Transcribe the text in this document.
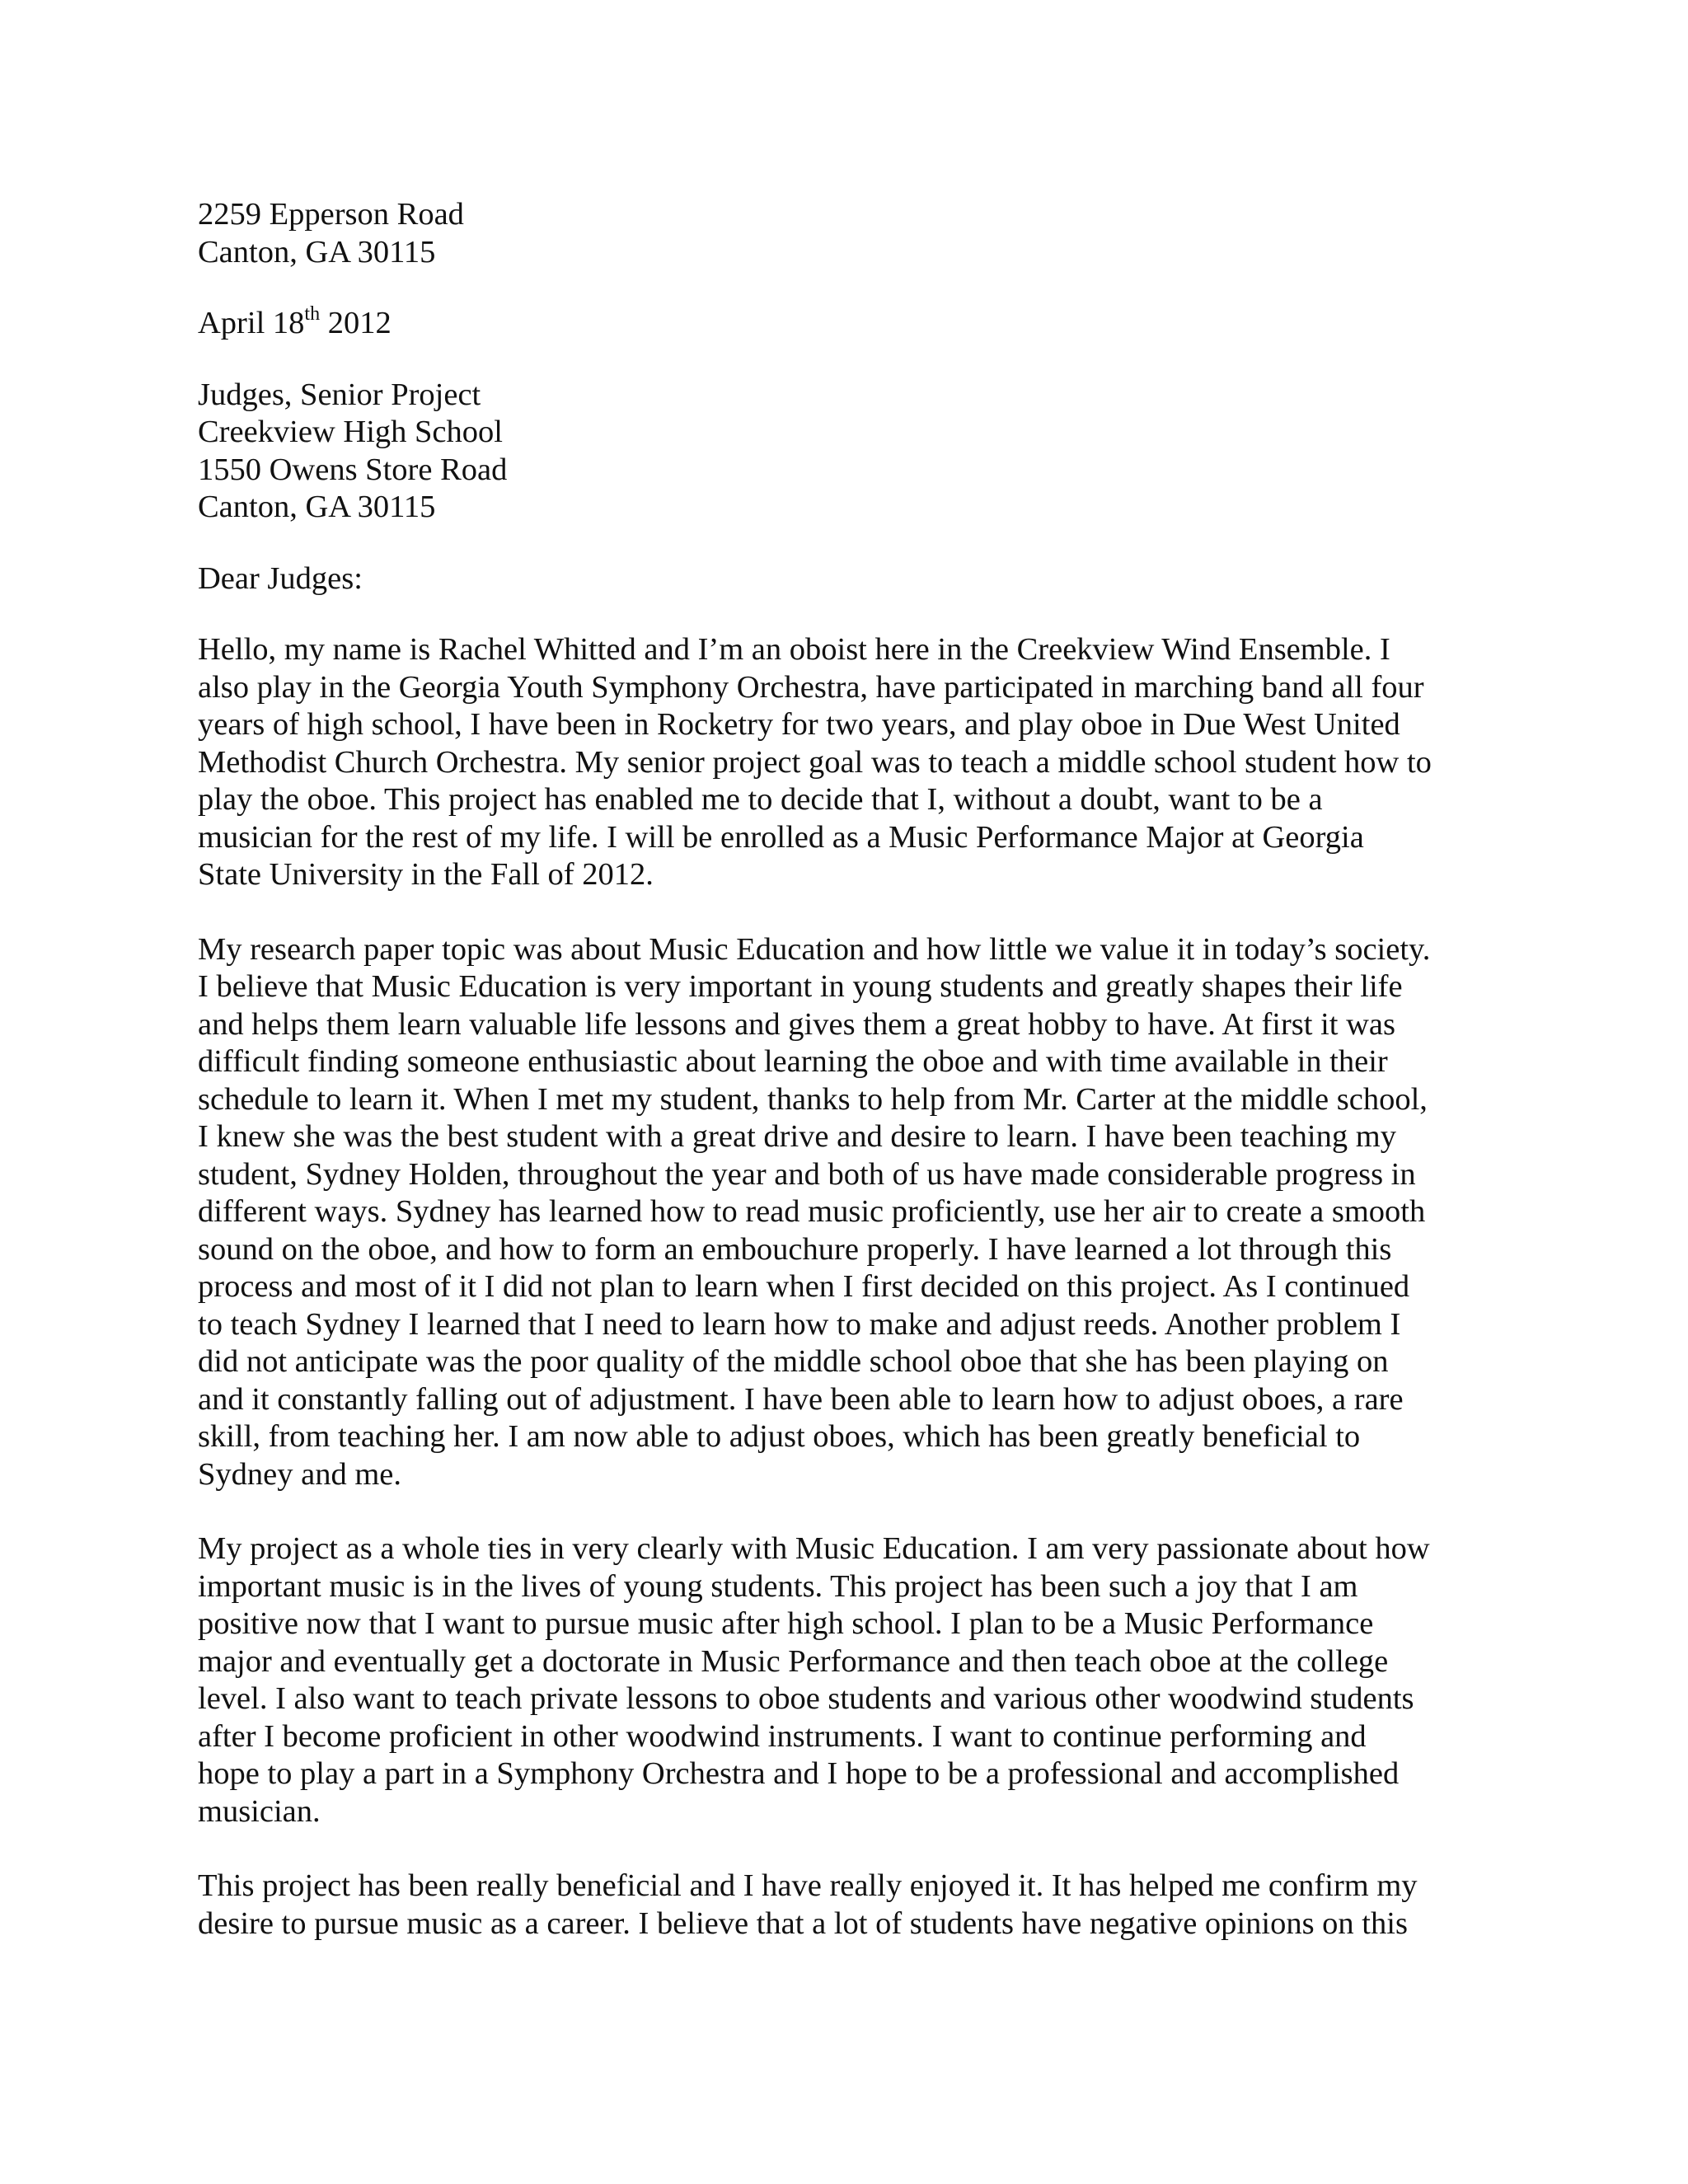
2259 Epperson Road
Canton, GA 30115
April 18th 2012
Judges, Senior Project
Creekview High School
1550 Owens Store Road
Canton, GA 30115
Dear Judges:
Hello, my name is Rachel Whitted and I’m an oboist here in the Creekview Wind Ensemble. I
also play in the Georgia Youth Symphony Orchestra, have participated in marching band all four
years of high school, I have been in Rocketry for two years, and play oboe in Due West United
Methodist Church Orchestra. My senior project goal was to teach a middle school student how to
play the oboe. This project has enabled me to decide that I, without a doubt, want to be a
musician for the rest of my life. I will be enrolled as a Music Performance Major at Georgia
State University in the Fall of 2012.
My research paper topic was about Music Education and how little we value it in today’s society.
I believe that Music Education is very important in young students and greatly shapes their life
and helps them learn valuable life lessons and gives them a great hobby to have. At first it was
difficult finding someone enthusiastic about learning the oboe and with time available in their
schedule to learn it. When I met my student, thanks to help from Mr. Carter at the middle school,
I knew she was the best student with a great drive and desire to learn. I have been teaching my
student, Sydney Holden, throughout the year and both of us have made considerable progress in
different ways. Sydney has learned how to read music proficiently, use her air to create a smooth
sound on the oboe, and how to form an embouchure properly. I have learned a lot through this
process and most of it I did not plan to learn when I first decided on this project. As I continued
to teach Sydney I learned that I need to learn how to make and adjust reeds. Another problem I
did not anticipate was the poor quality of the middle school oboe that she has been playing on
and it constantly falling out of adjustment. I have been able to learn how to adjust oboes, a rare
skill, from teaching her. I am now able to adjust oboes, which has been greatly beneficial to
Sydney and me.
My project as a whole ties in very clearly with Music Education. I am very passionate about how
important music is in the lives of young students. This project has been such a joy that I am
positive now that I want to pursue music after high school. I plan to be a Music Performance
major and eventually get a doctorate in Music Performance and then teach oboe at the college
level. I also want to teach private lessons to oboe students and various other woodwind students
after I become proficient in other woodwind instruments. I want to continue performing and
hope to play a part in a Symphony Orchestra and I hope to be a professional and accomplished
musician.
This project has been really beneficial and I have really enjoyed it. It has helped me confirm my
desire to pursue music as a career. I believe that a lot of students have negative opinions on this
